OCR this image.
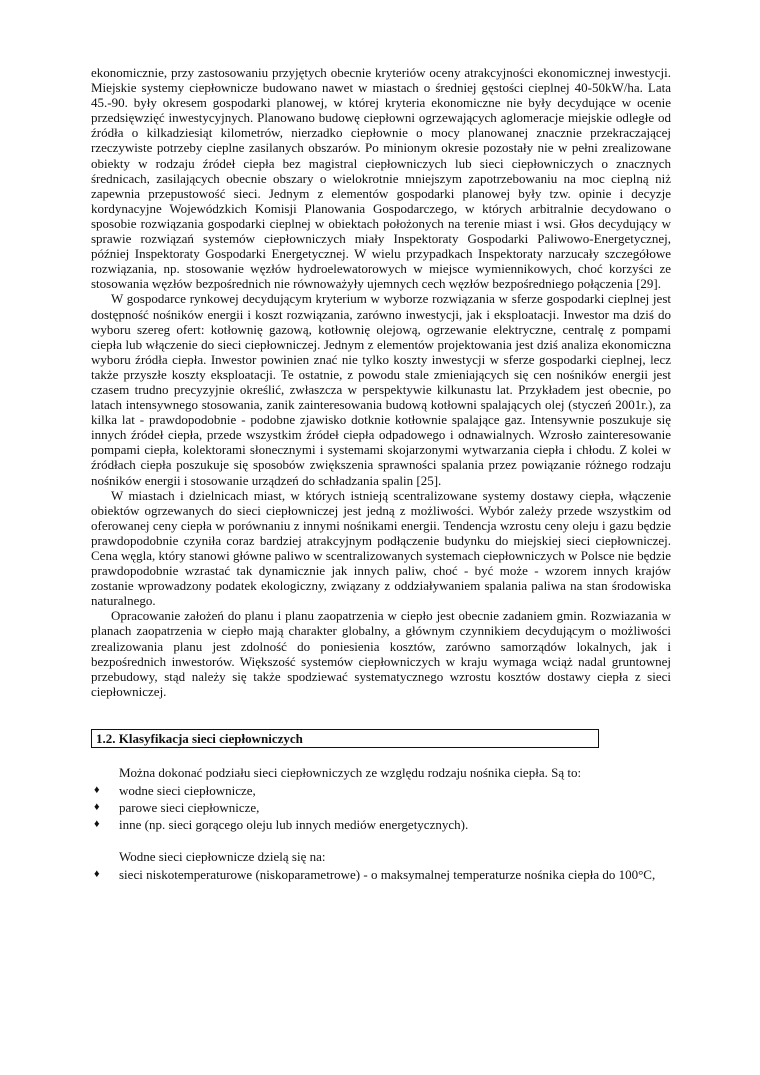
ekonomicznie, przy zastosowaniu przyjętych obecnie kryteriów oceny atrakcyjności ekonomicznej inwestycji. Miejskie systemy ciepłownicze budowano nawet w miastach o średniej gęstości cieplnej 40-50kW/ha. Lata 45.-90. były okresem gospodarki planowej, w której kryteria ekonomiczne nie były decydujące w ocenie przedsięwzięć inwestycyjnych. Planowano budowę ciepłowni ogrzewających aglomeracje miejskie odległe od źródła o kilkadziesiąt kilometrów, nierzadko ciepłownie o mocy planowanej znacznie przekraczającej rzeczywiste potrzeby cieplne zasilanych obszarów. Po minionym okresie pozostały nie w pełni zrealizowane obiekty w rodzaju źródeł ciepła bez magistral ciepłowniczych lub sieci ciepłowniczych o znacznych średnicach, zasilających obecnie obszary o wielokrotnie mniejszym zapotrzebowaniu na moc cieplną niż zapewnia przepustowość sieci. Jednym z elementów gospodarki planowej były tzw. opinie i decyzje kordynacyjne Wojewódzkich Komisji Planowania Gospodarczego, w których arbitralnie decydowano o sposobie rozwiązania gospodarki cieplnej w obiektach położonych na terenie miast i wsi. Głos decydujący w sprawie rozwiązań systemów ciepłowniczych miały Inspektoraty Gospodarki Paliwowo-Energetycznej, później Inspektoraty Gospodarki Energetycznej. W wielu przypadkach Inspektoraty narzucały szczegółowe rozwiązania, np. stosowanie węzłów hydroelewatorowych w miejsce wymiennikowych, choć korzyści ze stosowania węzłów bezpośrednich nie równoważyły ujemnych cech węzłów bezpośredniego połączenia [29].

W gospodarce rynkowej decydującym kryterium w wyborze rozwiązania w sferze gospodarki cieplnej jest dostępność nośników energii i koszt rozwiązania, zarówno inwestycji, jak i eksploatacji. Inwestor ma dziś do wyboru szereg ofert: kotłownię gazową, kotłownię olejową, ogrzewanie elektryczne, centralę z pompami ciepła lub włączenie do sieci ciepłowniczej. Jednym z elementów projektowania jest dziś analiza ekonomiczna wyboru źródła ciepła. Inwestor powinien znać nie tylko koszty inwestycji w sferze gospodarki cieplnej, lecz także przyszłe koszty eksploatacji. Te ostatnie, z powodu stale zmieniających się cen nośników energii jest czasem trudno precyzyjnie określić, zwłaszcza w perspektywie kilkunastu lat. Przykładem jest obecnie, po latach intensywnego stosowania, zanik zainteresowania budową kotłowni spalających olej (styczeń 2001r.), za kilka lat - prawdopodobnie - podobne zjawisko dotknie kotłownie spalające gaz. Intensywnie poszukuje się innych źródeł ciepła, przede wszystkim źródeł ciepła odpadowego i odnawialnych. Wzrosło zainteresowanie pompami ciepła, kolektorami słonecznymi i systemami skojarzonymi wytwarzania ciepła i chłodu. Z kolei w źródłach ciepła poszukuje się sposobów zwiększenia sprawności spalania przez powiązanie różnego rodzaju nośników energii i stosowanie urządzeń do schładzania spalin [25].

W miastach i dzielnicach miast, w których istnieją scentralizowane systemy dostawy ciepła, włączenie obiektów ogrzewanych do sieci ciepłowniczej jest jedną z możliwości. Wybór zależy przede wszystkim od oferowanej ceny ciepła w porównaniu z innymi nośnikami energii. Tendencja wzrostu ceny oleju i gazu będzie prawdopodobnie czyniła coraz bardziej atrakcyjnym podłączenie budynku do miejskiej sieci ciepłowniczej. Cena węgla, który stanowi główne paliwo w scentralizowanych systemach ciepłowniczych w Polsce nie będzie prawdopodobnie wzrastać tak dynamicznie jak innych paliw, choć - być może - wzorem innych krajów zostanie wprowadzony podatek ekologiczny, związany z oddziaływaniem spalania paliwa na stan środowiska naturalnego.

Opracowanie założeń do planu i planu zaopatrzenia w ciepło jest obecnie zadaniem gmin. Rozwiazania w planach zaopatrzenia w ciepło mają charakter globalny, a głównym czynnikiem decydującym o możliwości zrealizowania planu jest zdolność do poniesienia kosztów, zarówno samorządów lokalnych, jak i bezpośrednich inwestorów. Większość systemów ciepłowniczych w kraju wymaga wciąż nadal gruntownej przebudowy, stąd należy się także spodziewać systematycznego wzrostu kosztów dostawy ciepła z sieci ciepłowniczej.

1.2. Klasyfikacja sieci ciepłowniczych

Można dokonać podziału sieci ciepłowniczych ze względu rodzaju nośnika ciepła. Są to:

♦ wodne sieci ciepłownicze,
♦ parowe sieci ciepłownicze,
♦ inne (np. sieci gorącego oleju lub innych mediów energetycznych).

Wodne sieci ciepłownicze dzielą się na:

♦ sieci niskotemperaturowe (niskoparametrowe) - o maksymalnej temperaturze nośnika ciepła do 100°C,
